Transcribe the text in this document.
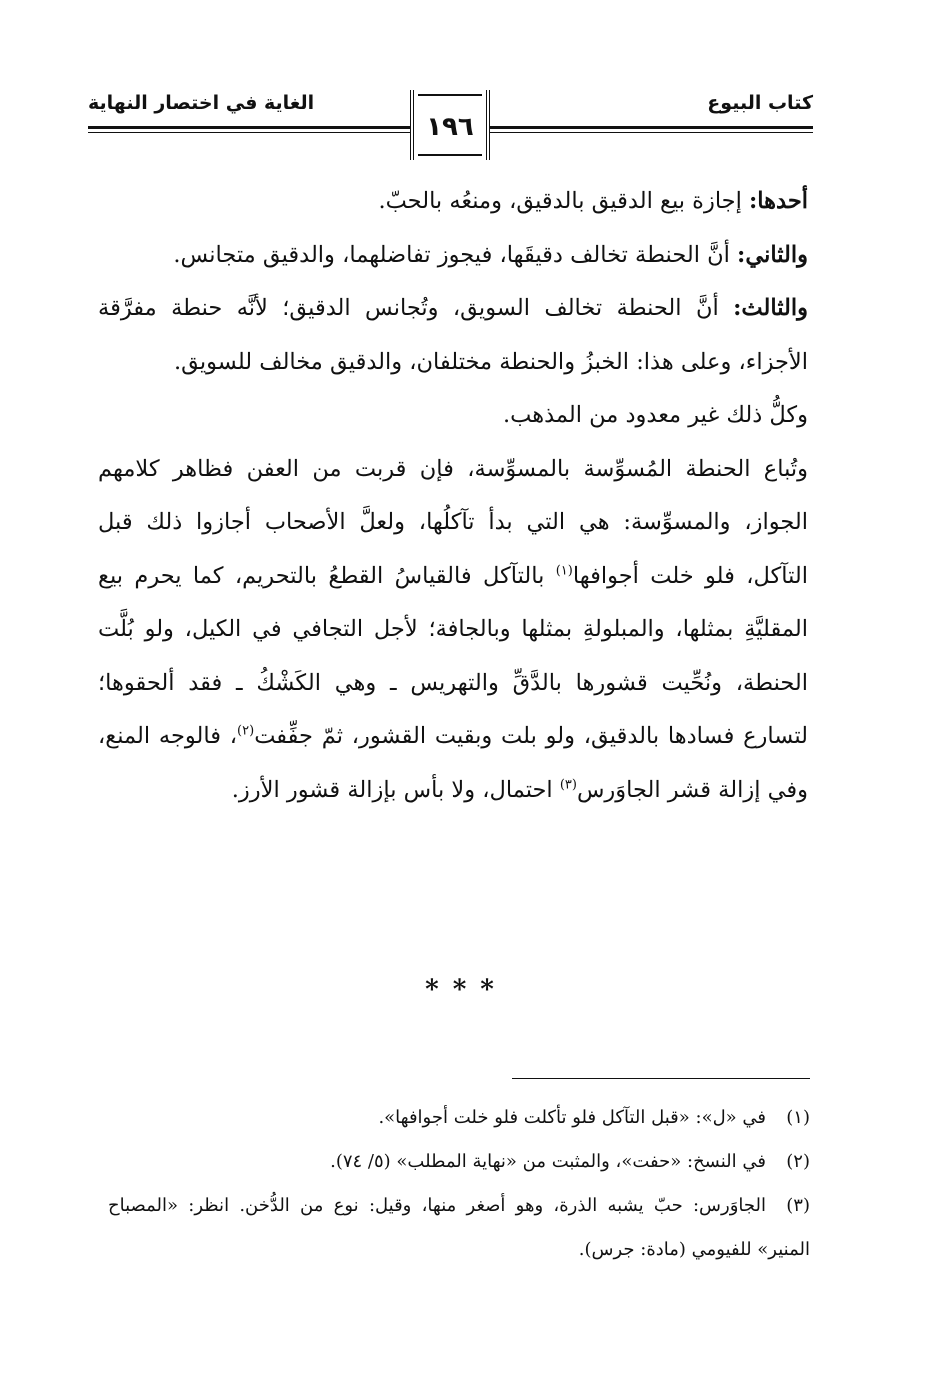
كتاب البيوع
الغاية في اختصار النهاية
١٩٦

أحدها: إجازة بيع الدقيق بالدقيق، ومنعُه بالحبّ.

والثاني: أنَّ الحنطة تخالف دقيقَها، فيجوز تفاضلهما، والدقيق متجانس.

والثالث: أنَّ الحنطة تخالف السويق، وتُجانس الدقيق؛ لأنَّه حنطة مفرَّقة الأجزاء، وعلى هذا: الخبزُ والحنطة مختلفان، والدقيق مخالف للسويق.

وكلُّ ذلك غير معدود من المذهب.

وتُباع الحنطة المُسوِّسة بالمسوِّسة، فإن قربت من العفن فظاهر كلامهم الجواز، والمسوِّسة: هي التي بدأ تآكلُها، ولعلَّ الأصحاب أجازوا ذلك قبل التآكل، فلو خلت أجوافها$^{(١)}$ بالتآكل فالقياسُ القطعُ بالتحريم، كما يحرم بيع المقليَّةِ بمثلها، والمبلولةِ بمثلها وبالجافة؛ لأجل التجافي في الكيل، ولو بُلَّت الحنطة، ونُحِّيت قشورها بالدَّقِّ والتهريس ـ وهي الكَشْكُ ـ فقد ألحقوها؛ لتسارع فسادها بالدقيق، ولو بلت وبقيت القشور، ثمّ جفِّفت$^{(٢)}$، فالوجه المنع، وفي إزالة قشر الجاوَرس$^{(٣)}$ احتمال، ولا بأس بإزالة قشور الأرز.

***

(١)في «ل»: «قبل التآكل فلو تأكلت فلو خلت أجوافها».

(٢)في النسخ: «حفت»، والمثبت من «نهاية المطلب» (٥/ ٧٤).

(٣)الجاوَرس: حبّ يشبه الذرة، وهو أصغر منها، وقيل: نوع من الدُّخن. انظر: «المصباح المنير» للفيومي (مادة: جرس).
